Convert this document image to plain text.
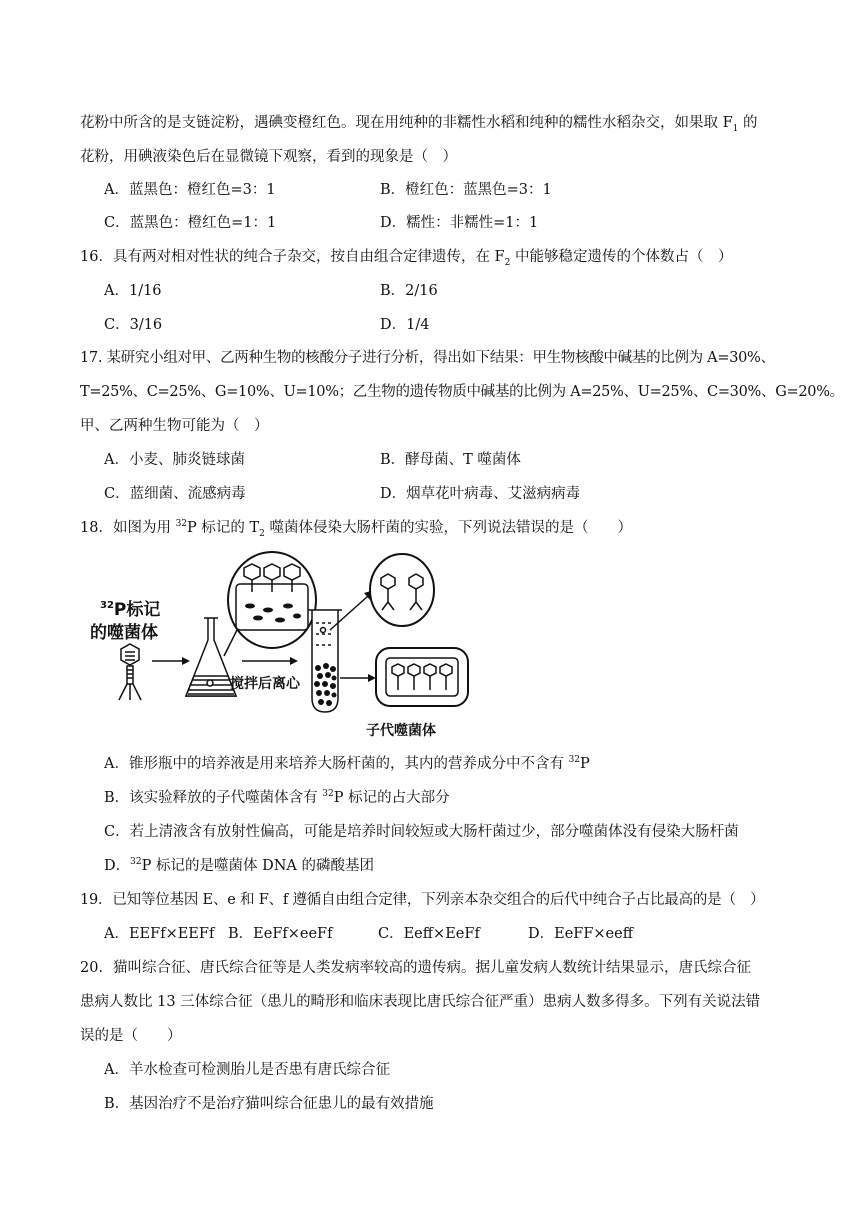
花粉中所含的是支链淀粉，遇碘变橙红色。现在用纯种的非糯性水稻和纯种的糯性水稻杂交，如果取 $F_1$ 的
花粉，用碘液染色后在显微镜下观察，看到的现象是（　）
A．蓝黑色：橙红色=3：1	B．橙红色：蓝黑色=3：1
C．蓝黑色：橙红色=1：1	D．糯性：非糯性=1：1
16．具有两对相对性状的纯合子杂交，按自由组合定律遗传，在 $F_2$ 中能够稳定遗传的个体数占（　）
A．1/16	B．2/16
C．3/16	D．1/4
17. 某研究小组对甲、乙两种生物的核酸分子进行分析，得出如下结果：甲生物核酸中碱基的比例为 A=30%、
T=25%、C=25%、G=10%、U=10%；乙生物的遗传物质中碱基的比例为 A=25%、U=25%、C=30%、G=20%。
甲、乙两种生物可能为（　）
A．小麦、肺炎链球菌	B．酵母菌、T 噬菌体
C．蓝细菌、流感病毒	D．烟草花叶病毒、艾滋病病毒
18．如图为用 $^{32}$P 标记的 $T_2$ 噬菌体侵染大肠杆菌的实验，下列说法错误的是（　　）
$^{32}$P标记
的噬菌体
搅拌后离心
子代噬菌体
A．锥形瓶中的培养液是用来培养大肠杆菌的，其内的营养成分中不含有 $^{32}$P
B．该实验释放的子代噬菌体含有 $^{32}$P 标记的占大部分
C．若上清液含有放射性偏高，可能是培养时间较短或大肠杆菌过少，部分噬菌体没有侵染大肠杆菌
D．$^{32}$P 标记的是噬菌体 DNA 的磷酸基团
19．已知等位基因 E、e 和 F、f 遵循自由组合定律，下列亲本杂交组合的后代中纯合子占比最高的是（　）
A．EEFf×EEFf B．EeFf×eeFf	C．Eeff×EeFf	D．EeFF×eeff
20．猫叫综合征、唐氏综合征等是人类发病率较高的遗传病。据儿童发病人数统计结果显示，唐氏综合征
患病人数比 13 三体综合征（患儿的畸形和临床表现比唐氏综合征严重）患病人数多得多。下列有关说法错
误的是（　　）
A．羊水检查可检测胎儿是否患有唐氏综合征
B．基因治疗不是治疗猫叫综合征患儿的最有效措施
